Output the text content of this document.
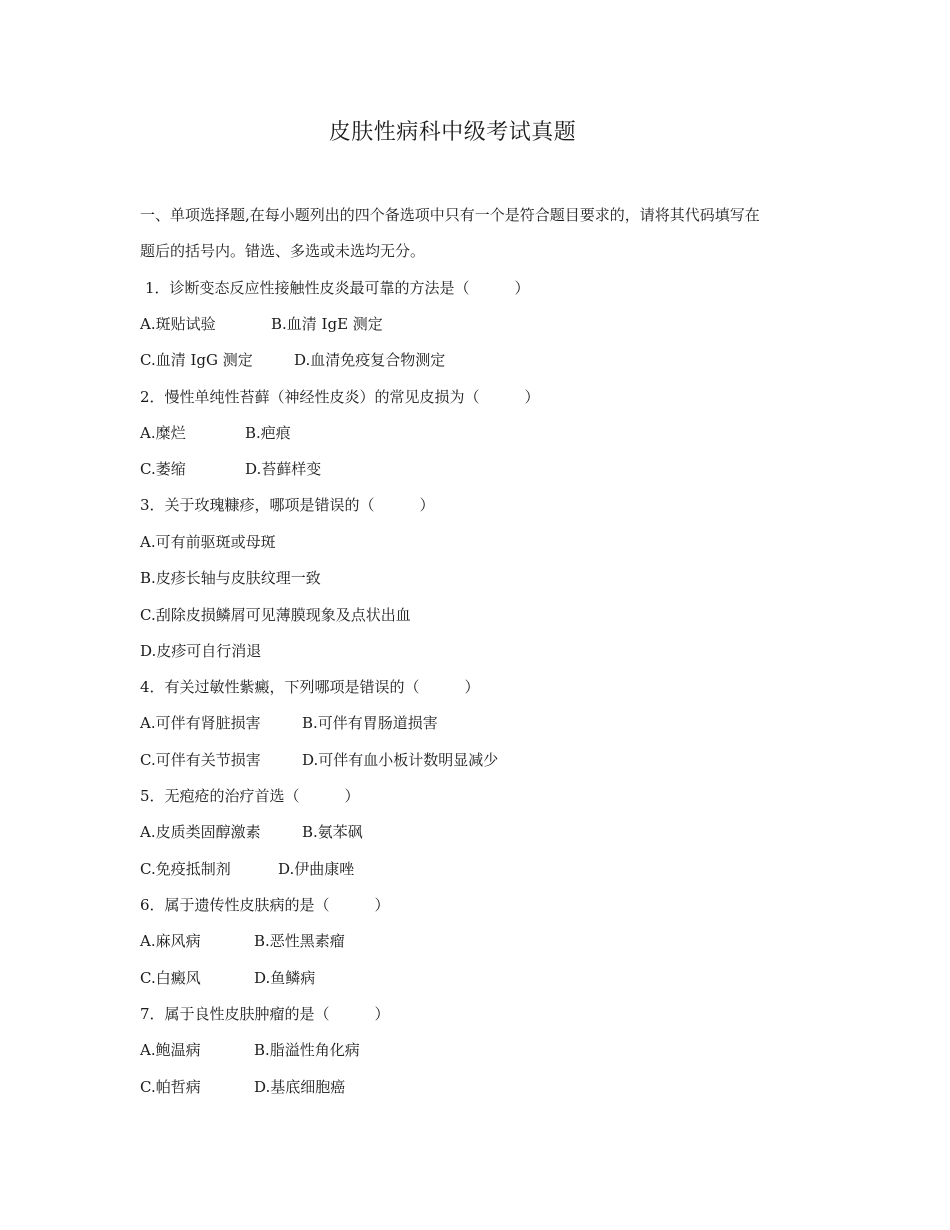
皮肤性病科中级考试真题
一、单项选择题,在每小题列出的四个备选项中只有一个是符合题目要求的，请将其代码填写在
题后的括号内。错选、多选或未选均无分。
1．诊断变态反应性接触性皮炎最可靠的方法是（　　　）
A.斑贴试验	B.血清 IgE 测定
C.血清 IgG 测定	D.血清免疫复合物测定
2．慢性单纯性苔藓（神经性皮炎）的常见皮损为（　　　）
A.糜烂	B.疤痕
C.萎缩	D.苔藓样变
3．关于玫瑰糠疹，哪项是错误的（　　　）
A.可有前驱斑或母斑
B.皮疹长轴与皮肤纹理一致
C.刮除皮损鳞屑可见薄膜现象及点状出血
D.皮疹可自行消退
4．有关过敏性紫癜，下列哪项是错误的（　　　）
A.可伴有肾脏损害	B.可伴有胃肠道损害
C.可伴有关节损害	D.可伴有血小板计数明显减少
5．无疱疮的治疗首选（　　　）
A.皮质类固醇激素	B.氨苯砜
C.免疫抵制剂	D.伊曲康唑
6．属于遗传性皮肤病的是（　　　）
A.麻风病	B.恶性黑素瘤
C.白癜风	D.鱼鳞病
7．属于良性皮肤肿瘤的是（　　　）
A.鲍温病	B.脂溢性角化病
C.帕哲病	D.基底细胞癌
